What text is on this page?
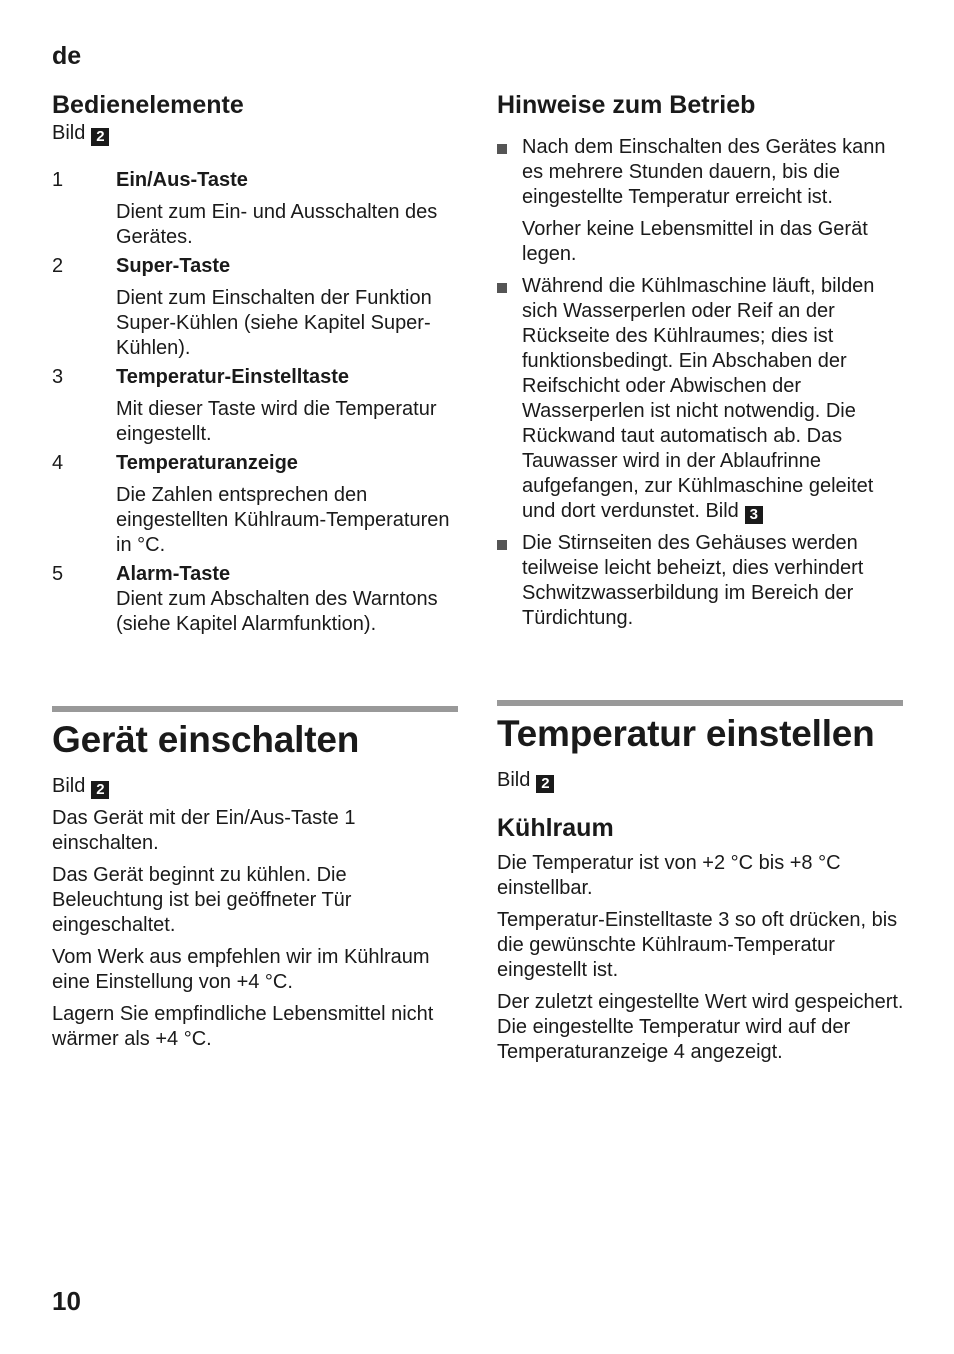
de
Bedienelemente
Bild 2
1	Ein/Aus-Taste
Dient zum Ein- und Ausschalten des Gerätes.
2	Super-Taste
Dient zum Einschalten der Funktion Super-Kühlen (siehe Kapitel Super-Kühlen).
3	Temperatur-Einstelltaste
Mit dieser Taste wird die Temperatur eingestellt.
4	Temperaturanzeige
Die Zahlen entsprechen den eingestellten Kühlraum-Temperaturen in °C.
5	Alarm-Taste
Dient zum Abschalten des Warntons (siehe Kapitel Alarmfunktion).
Gerät einschalten
Bild 2

Das Gerät mit der Ein/Aus-Taste 1 einschalten.

Das Gerät beginnt zu kühlen. Die Beleuchtung ist bei geöffneter Tür eingeschaltet.

Vom Werk aus empfehlen wir im Kühlraum eine Einstellung von +4 °C.

Lagern Sie empfindliche Lebensmittel nicht wärmer als +4 °C.

Hinweise zum Betrieb

Nach dem Einschalten des Gerätes kann es mehrere Stunden dauern, bis die eingestellte Temperatur erreicht ist.

Vorher keine Lebensmittel in das Gerät legen.

Während die Kühlmaschine läuft, bilden sich Wasserperlen oder Reif an der Rückseite des Kühlraumes; dies ist funktionsbedingt. Ein Abschaben der Reifschicht oder Abwischen der Wasserperlen ist nicht notwendig. Die Rückwand taut automatisch ab. Das Tauwasser wird in der Ablaufrinne aufgefangen, zur Kühlmaschine geleitet und dort verdunstet. Bild 3

Die Stirnseiten des Gehäuses werden teilweise leicht beheizt, dies verhindert Schwitzwasserbildung im Bereich der Türdichtung.

Temperatur einstellen
Bild 2
Kühlraum

Die Temperatur ist von +2 °C bis +8 °C einstellbar.

Temperatur-Einstelltaste 3 so oft drücken, bis die gewünschte Kühlraum-Temperatur eingestellt ist.

Der zuletzt eingestellte Wert wird gespeichert. Die eingestellte Temperatur wird auf der Temperaturanzeige 4 angezeigt.

10
